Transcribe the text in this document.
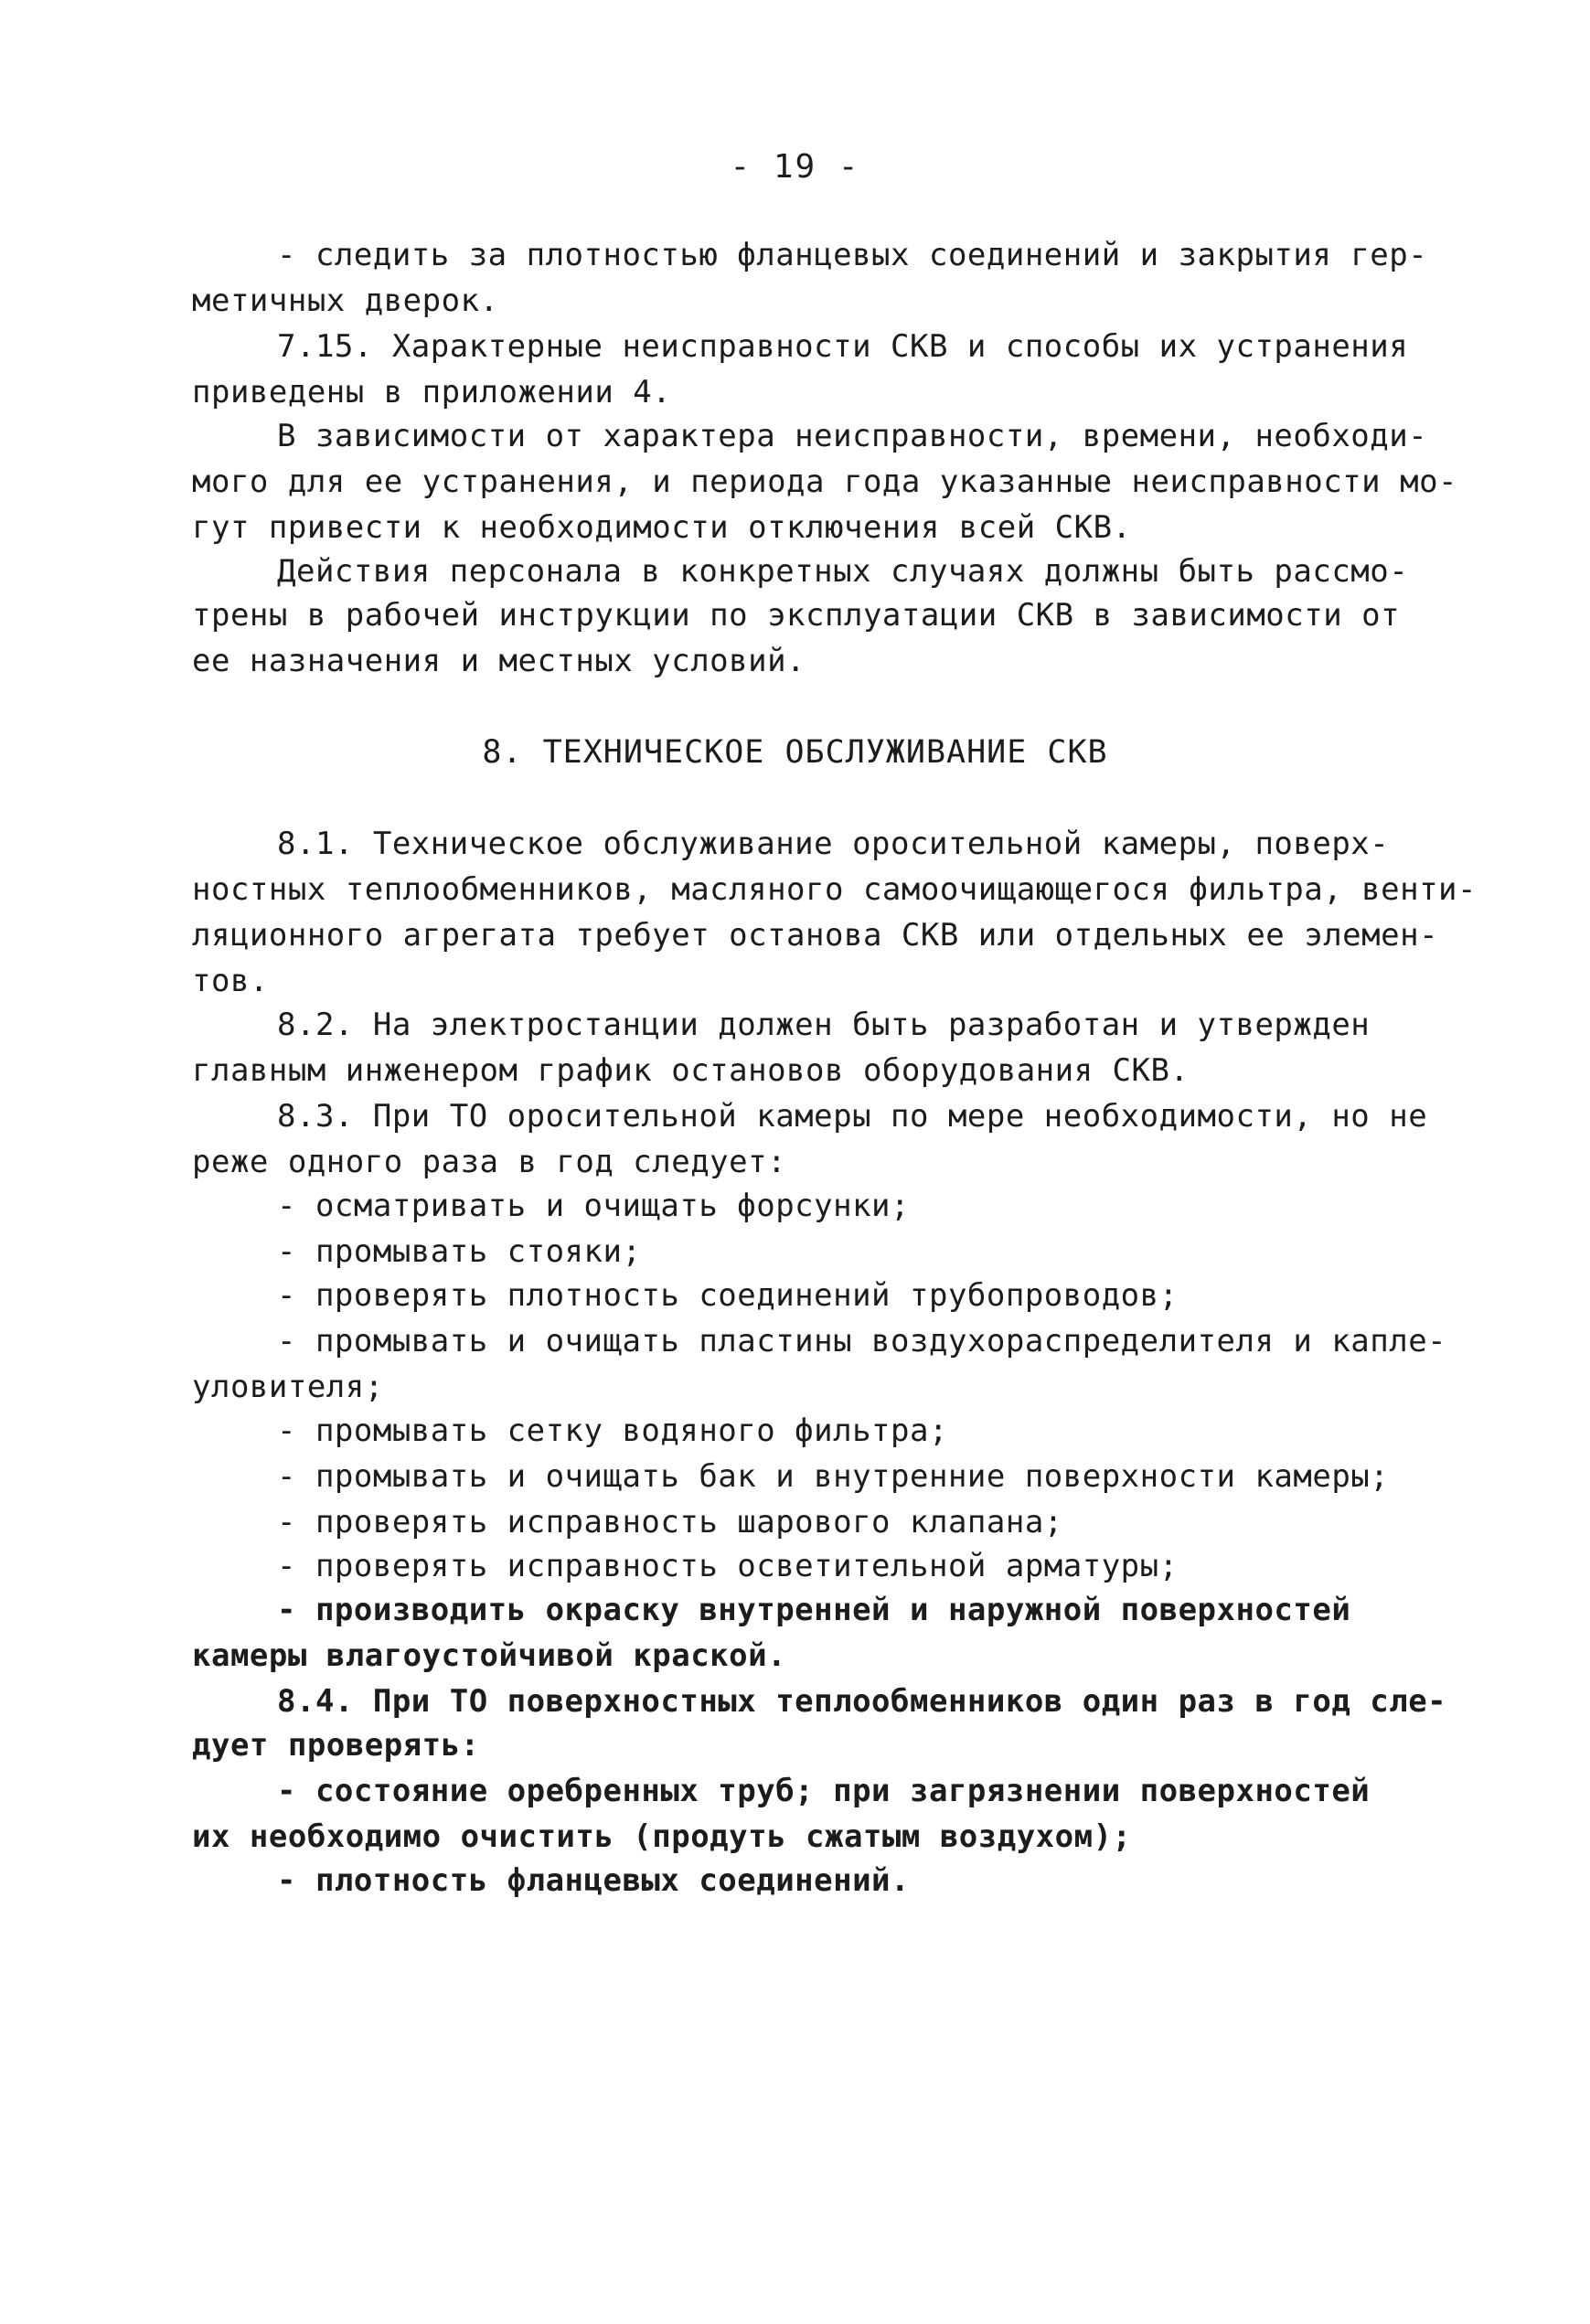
- 19 -
- следить за плотностью фланцевых соединений и закрытия гер-
метичных дверок.
7.15. Характерные неисправности СКВ и способы их устранения
приведены в приложении 4.
В зависимости от характера неисправности, времени, необходи-
мого для ее устранения, и периода года указанные неисправности мо-
гут привести к необходимости отключения всей СКВ.
Действия персонала в конкретных случаях должны быть рассмо-
трены в рабочей инструкции по эксплуатации СКВ в зависимости от
ее назначения и местных условий.
8. ТЕХНИЧЕСКОЕ ОБСЛУЖИВАНИЕ СКВ
8.1. Техническое обслуживание оросительной камеры, поверх-
ностных теплообменников, масляного самоочищающегося фильтра, венти-
ляционного агрегата требует останова СКВ или отдельных ее элемен-
тов.
8.2. На электростанции должен быть разработан и утвержден
главным инженером график остановов оборудования СКВ.
8.3. При ТО оросительной камеры по мере необходимости, но не
реже одного раза в год следует:
- осматривать и очищать форсунки;
- промывать стояки;
- проверять плотность соединений трубопроводов;
- промывать и очищать пластины воздухораспределителя и капле-
уловителя;
- промывать сетку водяного фильтра;
- промывать и очищать бак и внутренние поверхности камеры;
- проверять исправность шарового клапана;
- проверять исправность осветительной арматуры;
- производить окраску внутренней и наружной поверхностей
камеры влагоустойчивой краской.
8.4. При ТО поверхностных теплообменников один раз в год сле-
дует проверять:
- состояние оребренных труб; при загрязнении поверхностей
их необходимо очистить (продуть сжатым воздухом);
- плотность фланцевых соединений.
